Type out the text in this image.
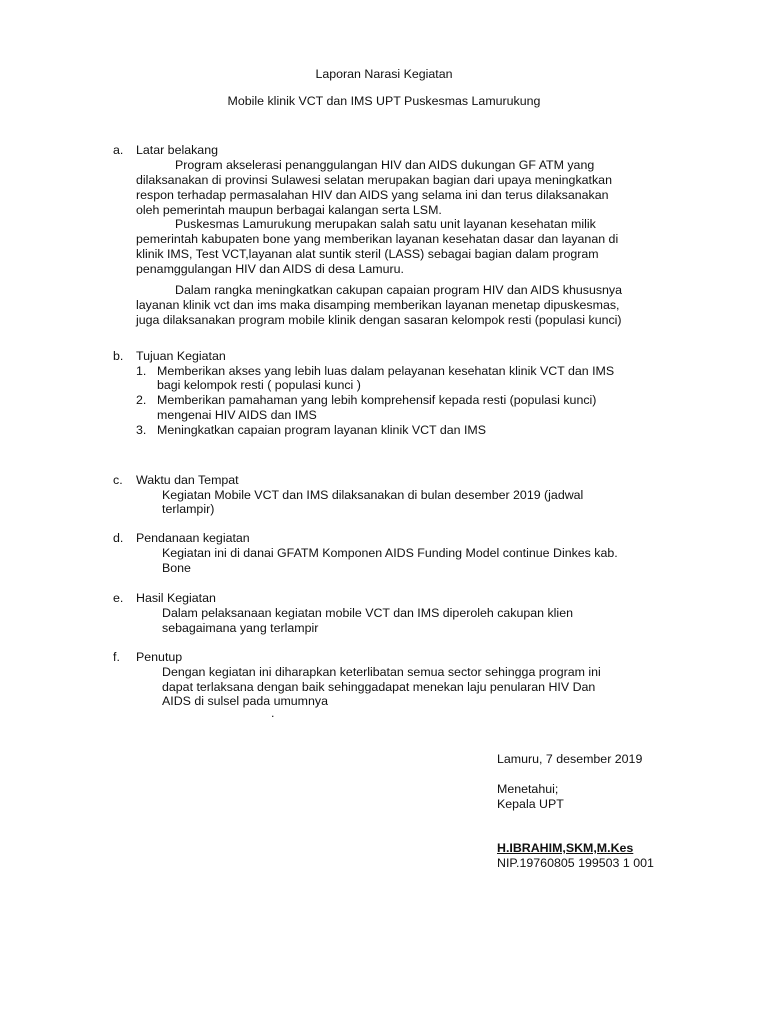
Laporan Narasi Kegiatan
Mobile klinik VCT dan IMS UPT Puskesmas Lamurukung
a. Latar belakang
Program akselerasi penanggulangan HIV dan AIDS dukungan GF ATM yang
dilaksanakan di provinsi Sulawesi selatan merupakan bagian dari upaya meningkatkan
respon terhadap permasalahan HIV dan AIDS yang selama ini dan terus dilaksanakan
oleh pemerintah maupun berbagai kalangan serta LSM.
Puskesmas Lamurukung merupakan salah satu unit layanan kesehatan milik
pemerintah kabupaten bone yang memberikan layanan kesehatan dasar dan layanan di
klinik IMS, Test VCT,layanan alat suntik steril (LASS) sebagai bagian dalam program
penamggulangan HIV dan AIDS di desa Lamuru.
Dalam rangka meningkatkan cakupan capaian program HIV dan AIDS khususnya
layanan klinik vct dan ims maka disamping memberikan layanan menetap dipuskesmas,
juga dilaksanakan program mobile klinik dengan sasaran kelompok resti (populasi kunci)
b. Tujuan Kegiatan
1. Memberikan akses yang lebih luas dalam pelayanan kesehatan klinik VCT dan IMS
bagi kelompok resti ( populasi kunci )
2. Memberikan pamahaman yang lebih komprehensif kepada resti (populasi kunci)
mengenai HIV AIDS dan IMS
3. Meningkatkan capaian program layanan klinik VCT dan IMS
c. Waktu dan Tempat
Kegiatan Mobile VCT dan IMS dilaksanakan di bulan desember 2019 (jadwal
terlampir)
d. Pendanaan kegiatan
Kegiatan ini di danai GFATM Komponen AIDS Funding Model continue Dinkes kab.
Bone
e. Hasil Kegiatan
Dalam pelaksanaan kegiatan mobile VCT dan IMS diperoleh cakupan klien
sebagaimana yang terlampir
f. Penutup
Dengan kegiatan ini diharapkan keterlibatan semua sector sehingga program ini
dapat terlaksana dengan baik sehinggadapat menekan laju penularan HIV Dan
AIDS di sulsel pada umumnya
.
Lamuru, 7 desember 2019
Menetahui;
Kepala UPT
H.IBRAHIM,SKM,M.Kes
NIP.19760805 199503 1 001
